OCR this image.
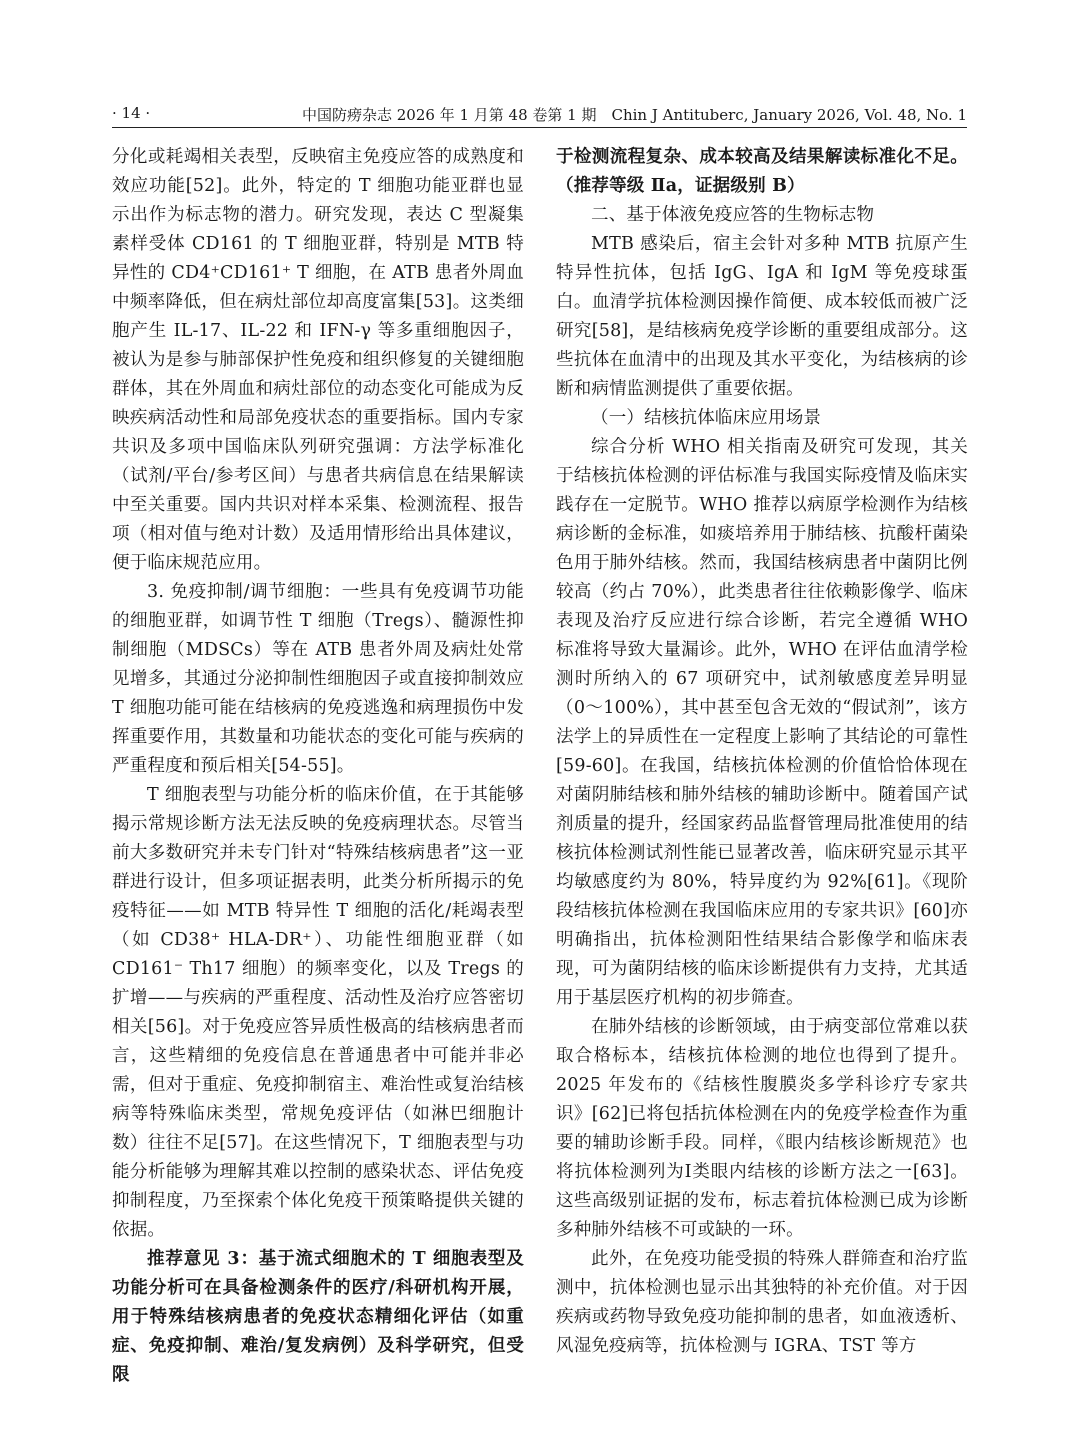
· 14 ·	中国防痨杂志 2026 年 1 月第 48 卷第 1 期　Chin J Antituberc, January 2026, Vol. 48, No. 1

分化或耗竭相关表型，反映宿主免疫应答的成熟度和效应功能[52]。此外，特定的 T 细胞功能亚群也显示出作为标志物的潜力。研究发现，表达 C 型凝集素样受体 CD161 的 T 细胞亚群，特别是 MTB 特异性的 CD4⁺CD161⁺ T 细胞，在 ATB 患者外周血中频率降低，但在病灶部位却高度富集[53]。这类细胞产生 IL-17、IL-22 和 IFN-γ 等多重细胞因子，被认为是参与肺部保护性免疫和组织修复的关键细胞群体，其在外周血和病灶部位的动态变化可能成为反映疾病活动性和局部免疫状态的重要指标。国内专家共识及多项中国临床队列研究强调：方法学标准化（试剂/平台/参考区间）与患者共病信息在结果解读中至关重要。国内共识对样本采集、检测流程、报告项（相对值与绝对计数）及适用情形给出具体建议，便于临床规范应用。

3. 免疫抑制/调节细胞：一些具有免疫调节功能的细胞亚群，如调节性 T 细胞（Tregs）、髓源性抑制细胞（MDSCs）等在 ATB 患者外周及病灶处常见增多，其通过分泌抑制性细胞因子或直接抑制效应 T 细胞功能可能在结核病的免疫逃逸和病理损伤中发挥重要作用，其数量和功能状态的变化可能与疾病的严重程度和预后相关[54-55]。

T 细胞表型与功能分析的临床价值，在于其能够揭示常规诊断方法无法反映的免疫病理状态。尽管当前大多数研究并未专门针对“特殊结核病患者”这一亚群进行设计，但多项证据表明，此类分析所揭示的免疫特征——如 MTB 特异性 T 细胞的活化/耗竭表型（如 CD38⁺ HLA-DR⁺）、功能性细胞亚群（如 CD161⁻ Th17 细胞）的频率变化，以及 Tregs 的扩增——与疾病的严重程度、活动性及治疗应答密切相关[56]。对于免疫应答异质性极高的结核病患者而言，这些精细的免疫信息在普通患者中可能并非必需，但对于重症、免疫抑制宿主、难治性或复治结核病等特殊临床类型，常规免疫评估（如淋巴细胞计数）往往不足[57]。在这些情况下，T 细胞表型与功能分析能够为理解其难以控制的感染状态、评估免疫抑制程度，乃至探索个体化免疫干预策略提供关键的依据。

推荐意见 3：基于流式细胞术的 T 细胞表型及功能分析可在具备检测条件的医疗/科研机构开展，用于特殊结核病患者的免疫状态精细化评估（如重症、免疫抑制、难治/复发病例）及科学研究，但受限

于检测流程复杂、成本较高及结果解读标准化不足。（推荐等级 Ⅱa，证据级别 B）

二、基于体液免疫应答的生物标志物

MTB 感染后，宿主会针对多种 MTB 抗原产生特异性抗体，包括 IgG、IgA 和 IgM 等免疫球蛋白。血清学抗体检测因操作简便、成本较低而被广泛研究[58]，是结核病免疫学诊断的重要组成部分。这些抗体在血清中的出现及其水平变化，为结核病的诊断和病情监测提供了重要依据。

（一）结核抗体临床应用场景

综合分析 WHO 相关指南及研究可发现，其关于结核抗体检测的评估标准与我国实际疫情及临床实践存在一定脱节。WHO 推荐以病原学检测作为结核病诊断的金标准，如痰培养用于肺结核、抗酸杆菌染色用于肺外结核。然而，我国结核病患者中菌阴比例较高（约占 70%），此类患者往往依赖影像学、临床表现及治疗反应进行综合诊断，若完全遵循 WHO 标准将导致大量漏诊。此外，WHO 在评估血清学检测时所纳入的 67 项研究中，试剂敏感度差异明显（0～100%），其中甚至包含无效的“假试剂”，该方法学上的异质性在一定程度上影响了其结论的可靠性[59-60]。在我国，结核抗体检测的价值恰恰体现在对菌阴肺结核和肺外结核的辅助诊断中。随着国产试剂质量的提升，经国家药品监督管理局批准使用的结核抗体检测试剂性能已显著改善，临床研究显示其平均敏感度约为 80%，特异度约为 92%[61]。《现阶段结核抗体检测在我国临床应用的专家共识》[60]亦明确指出，抗体检测阳性结果结合影像学和临床表现，可为菌阴结核的临床诊断提供有力支持，尤其适用于基层医疗机构的初步筛查。

在肺外结核的诊断领域，由于病变部位常难以获取合格标本，结核抗体检测的地位也得到了提升。2025 年发布的《结核性腹膜炎多学科诊疗专家共识》[62]已将包括抗体检测在内的免疫学检查作为重要的辅助诊断手段。同样，《眼内结核诊断规范》也将抗体检测列为Ⅰ类眼内结核的诊断方法之一[63]。这些高级别证据的发布，标志着抗体检测已成为诊断多种肺外结核不可或缺的一环。

此外，在免疫功能受损的特殊人群筛查和治疗监测中，抗体检测也显示出其独特的补充价值。对于因疾病或药物导致免疫功能抑制的患者，如血液透析、风湿免疫病等，抗体检测与 IGRA、TST 等方
